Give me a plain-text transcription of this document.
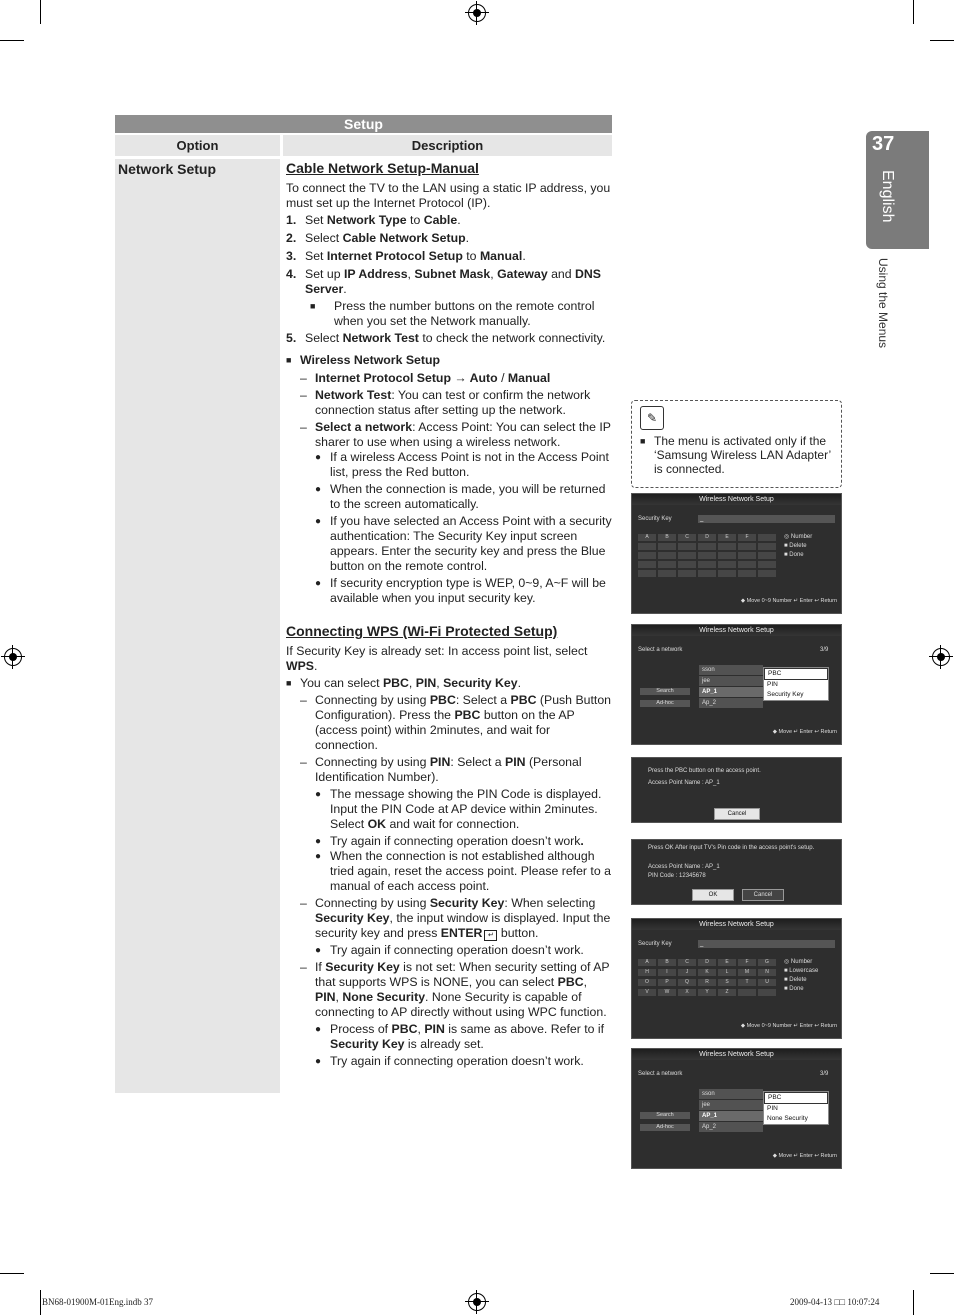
Setup
Option	Description
Network Setup	Cable Network Setup-Manual

To connect the TV to the LAN using a static IP address, you must set up the Internet Protocol (IP).

1. Set Network Type to Cable.
2. Select Cable Network Setup.
3. Set Internet Protocol Setup to Manual.
4. Set up IP Address, Subnet Mask, Gateway and DNS Server.
■	Press the number buttons on the remote control when you set the Network manually.
5. Select Network Test to check the network connectivity.
■ Wireless Network Setup
– Internet Protocol Setup → Auto / Manual
– Network Test: You can test or confirm the network connection status after setting up the network.
– Select a network: Access Point: You can select the IP sharer to use when using a wireless network.
● If a wireless Access Point is not in the Access Point list, press the Red button.
● When the connection is made, you will be returned to the screen automatically.
● If you have selected an Access Point with a security authentication: The Security Key input screen appears. Enter the security key and press the Blue button on the remote control.
● If security encryption type is WEP, 0~9, A~F will be available when you input security key.
Connecting WPS (Wi-Fi Protected Setup)

If Security Key is already set: In access point list, select WPS.

■ You can select PBC, PIN, Security Key.
– Connecting by using PBC: Select a PBC (Push Button Configuration). Press the PBC button on the AP (access point) within 2minutes, and wait for connection.
– Connecting by using PIN: Select a PIN (Personal Identification Number).
● The message showing the PIN Code is displayed. Input the PIN Code at AP device within 2minutes. Select OK and wait for connection.
● Try again if connecting operation doesn’t work.
● When the connection is not established although tried again, reset the access point. Please refer to a manual of each access point.
– Connecting by using Security Key: When selecting Security Key, the input window is displayed. Input the security key and press ENTER ↵ button.
● Try again if connecting operation doesn’t work.
– If Security Key is not set: When security setting of AP that supports WPS is NONE, you can select PBC, PIN, None Security. None Security is capable of connecting to AP directly without using WPC function.
● Process of PBC, PIN is same as above. Refer to if Security Key is already set.
● Try again if connecting operation doesn’t work.
37
English
Using the Menus
✎
■ The menu is activated only if the ‘Samsung Wireless LAN Adapter’ is connected.
Wireless Network Setup
Security Key	_
A	B	C	D	E	F	◎ Number
■ Delete
■ Done
◆ Move 0~9 Number ↵ Enter ↩ Return
Wireless Network Setup
Select a network	3/9
sson
jee
AP_1
Ap_2
Search
Ad-hoc
PBC
PIN
Security Key
◆ Move ↵ Enter ↩ Return
Press the PBC button on the access point.
Access Point Name : AP_1
Cancel
Press OK After input TV's Pin code in the access point's setup.
Access Point Name : AP_1
PIN Code : 12345678
OK	Cancel
Wireless Network Setup
Security Key	_
A	B	C	D	E	F	G
H	I	J	K	L	M	N
O	P	Q	R	S	T	U
V	W	X	Y	Z
◎ Number
■ Lowercase
■ Delete
■ Done
◆ Move 0~9 Number ↵ Enter ↩ Return
Wireless Network Setup
Select a network	3/9
sson
jee
AP_1
Ap_2
Search
Ad-hoc
PBC
PIN
None Security
◆ Move ↵ Enter ↩ Return
BN68-01900M-01Eng.indb 37	2009-04-13 □□ 10:07:24
